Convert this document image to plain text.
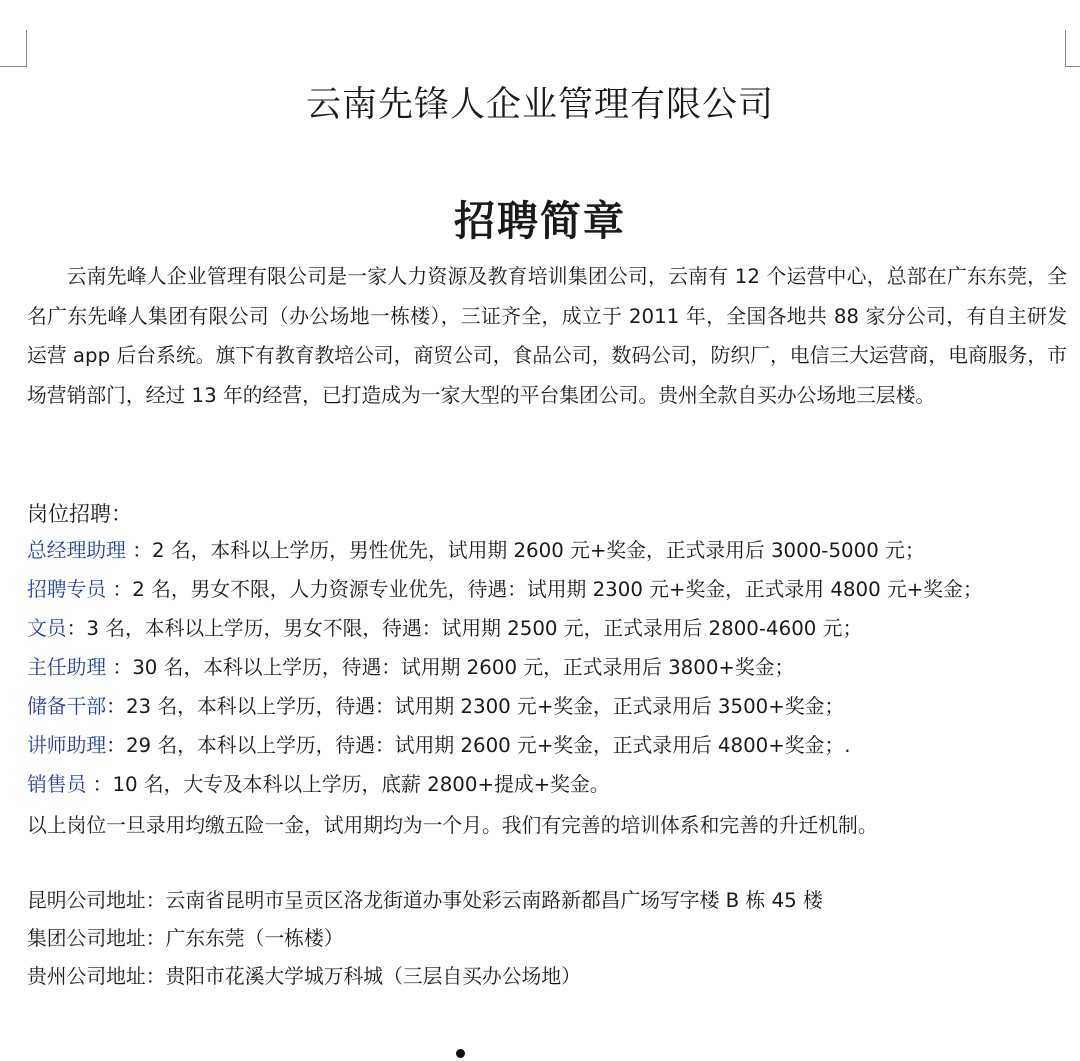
云南先锋人企业管理有限公司
招聘简章

云南先峰人企业管理有限公司是一家人力资源及教育培训集团公司，云南有 12 个运营中心，总部在广东东莞，全名广东先峰人集团有限公司（办公场地一栋楼），三证齐全，成立于 2011 年，全国各地共 88 家分公司，有自主研发运营 app 后台系统。旗下有教育教培公司，商贸公司，食品公司，数码公司，防织厂，电信三大运营商，电商服务，市场营销部门，经过 13 年的经营，已打造成为一家大型的平台集团公司。贵州全款自买办公场地三层楼。

岗位招聘：
总经理助理 ：2 名，本科以上学历，男性优先，试用期 2600 元+奖金，正式录用后 3000-5000 元；
招聘专员 ：2 名，男女不限，人力资源专业优先，待遇：试用期 2300 元+奖金，正式录用 4800 元+奖金；
文员：3 名，本科以上学历，男女不限，待遇：试用期 2500 元，正式录用后 2800-4600 元；
主任助理 ：30 名，本科以上学历，待遇：试用期 2600 元，正式录用后 3800+奖金；
储备干部：23 名，本科以上学历，待遇：试用期 2300 元+奖金，正式录用后 3500+奖金；
讲师助理：29 名，本科以上学历，待遇：试用期 2600 元+奖金，正式录用后 4800+奖金；.
销售员 ：10 名，大专及本科以上学历，底薪 2800+提成+奖金。
以上岗位一旦录用均缴五险一金，试用期均为一个月。我们有完善的培训体系和完善的升迁机制。
昆明公司地址：云南省昆明市呈贡区洛龙街道办事处彩云南路新都昌广场写字楼 B 栋 45 楼
集团公司地址：广东东莞（一栋楼）
贵州公司地址：贵阳市花溪大学城万科城（三层自买办公场地）
